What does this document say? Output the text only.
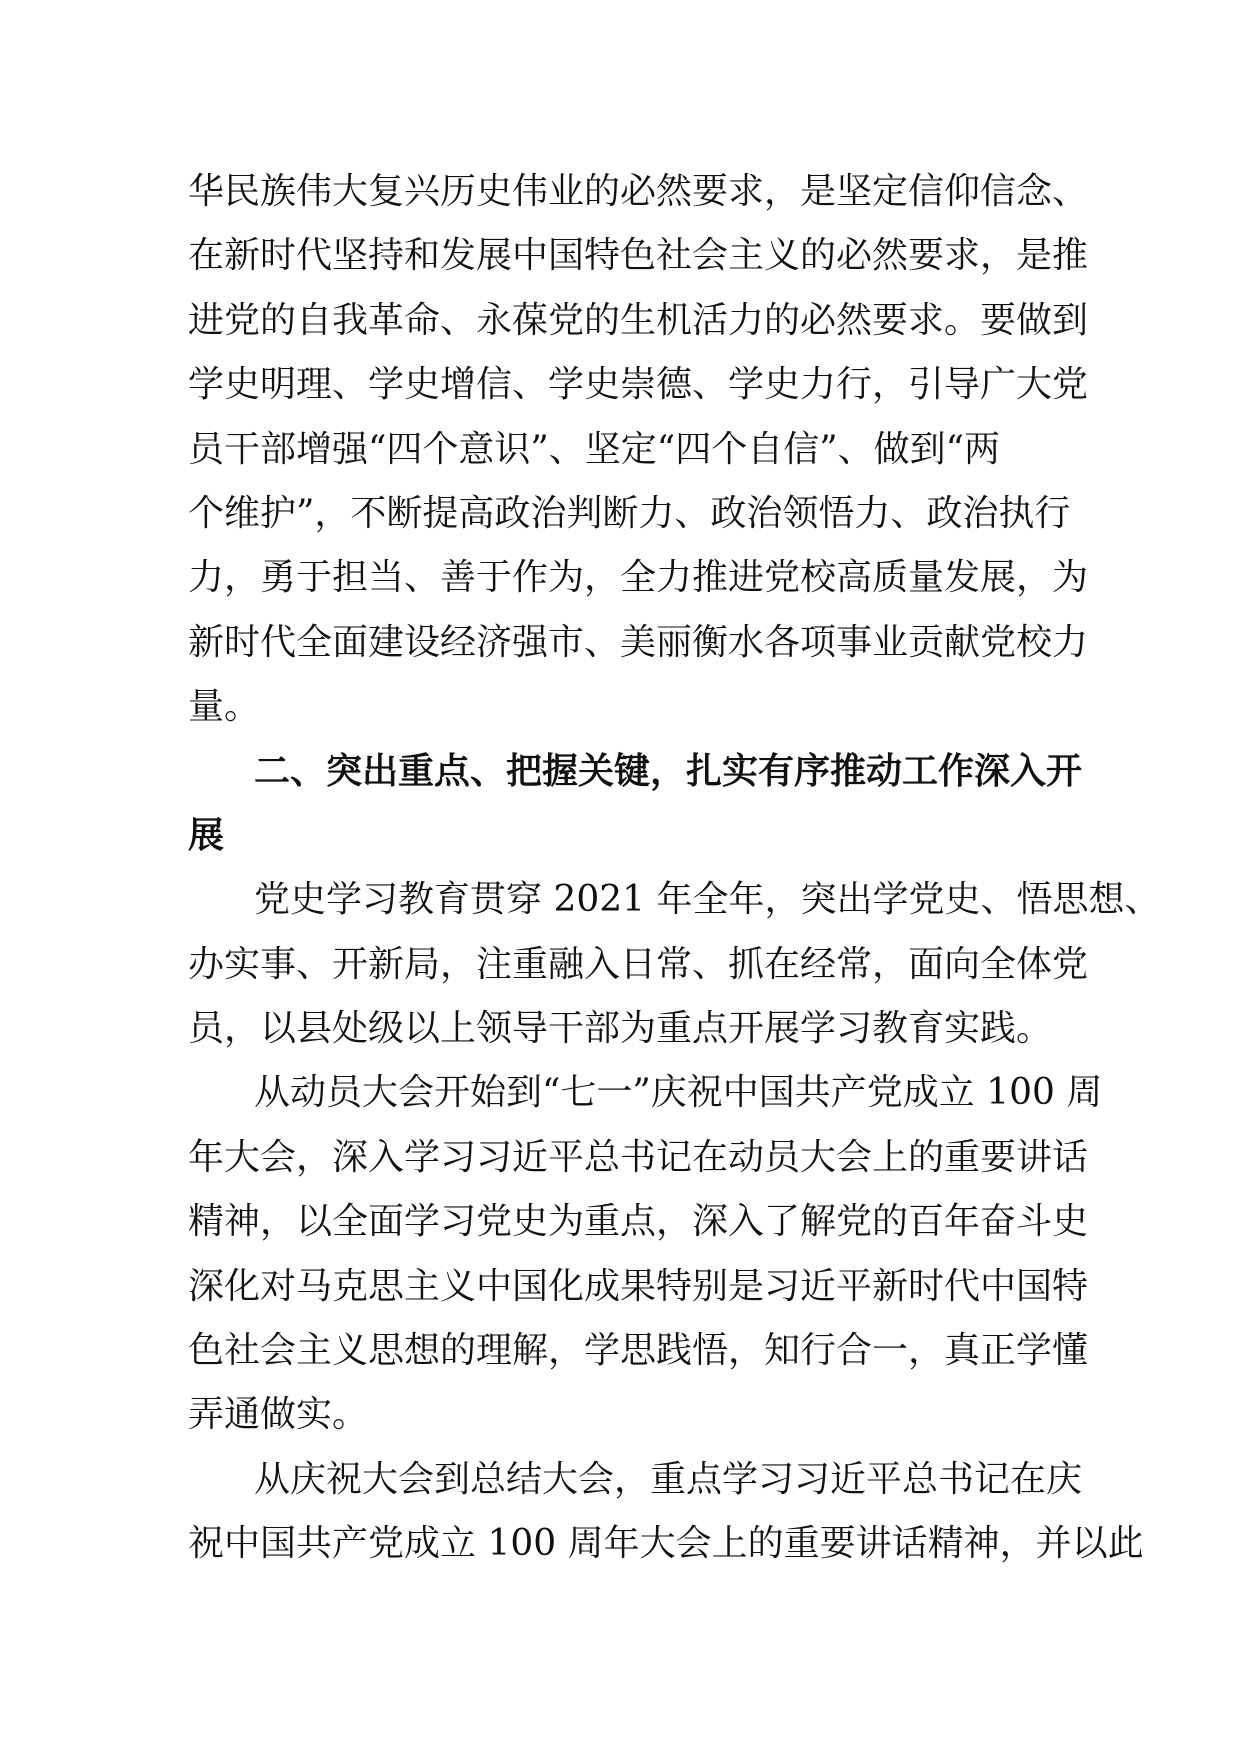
华民族伟大复兴历史伟业的必然要求，是坚定信仰信念、
在新时代坚持和发展中国特色社会主义的必然要求，是推
进党的自我革命、永葆党的生机活力的必然要求。要做到
学史明理、学史增信、学史崇德、学史力行，引导广大党
员干部增强“四个意识”、坚定“四个自信”、做到“两
个维护”，不断提高政治判断力、政治领悟力、政治执行
力，勇于担当、善于作为，全力推进党校高质量发展，为
新时代全面建设经济强市、美丽衡水各项事业贡献党校力
量。
二、突出重点、把握关键，扎实有序推动工作深入开
展
党史学习教育贯穿 2021 年全年，突出学党史、悟思想、
办实事、开新局，注重融入日常、抓在经常，面向全体党
员，以县处级以上领导干部为重点开展学习教育实践。
从动员大会开始到“七一”庆祝中国共产党成立 100 周
年大会，深入学习习近平总书记在动员大会上的重要讲话
精神，以全面学习党史为重点，深入了解党的百年奋斗史
深化对马克思主义中国化成果特别是习近平新时代中国特
色社会主义思想的理解，学思践悟，知行合一，真正学懂
弄通做实。
从庆祝大会到总结大会，重点学习习近平总书记在庆
祝中国共产党成立 100 周年大会上的重要讲话精神，并以此
